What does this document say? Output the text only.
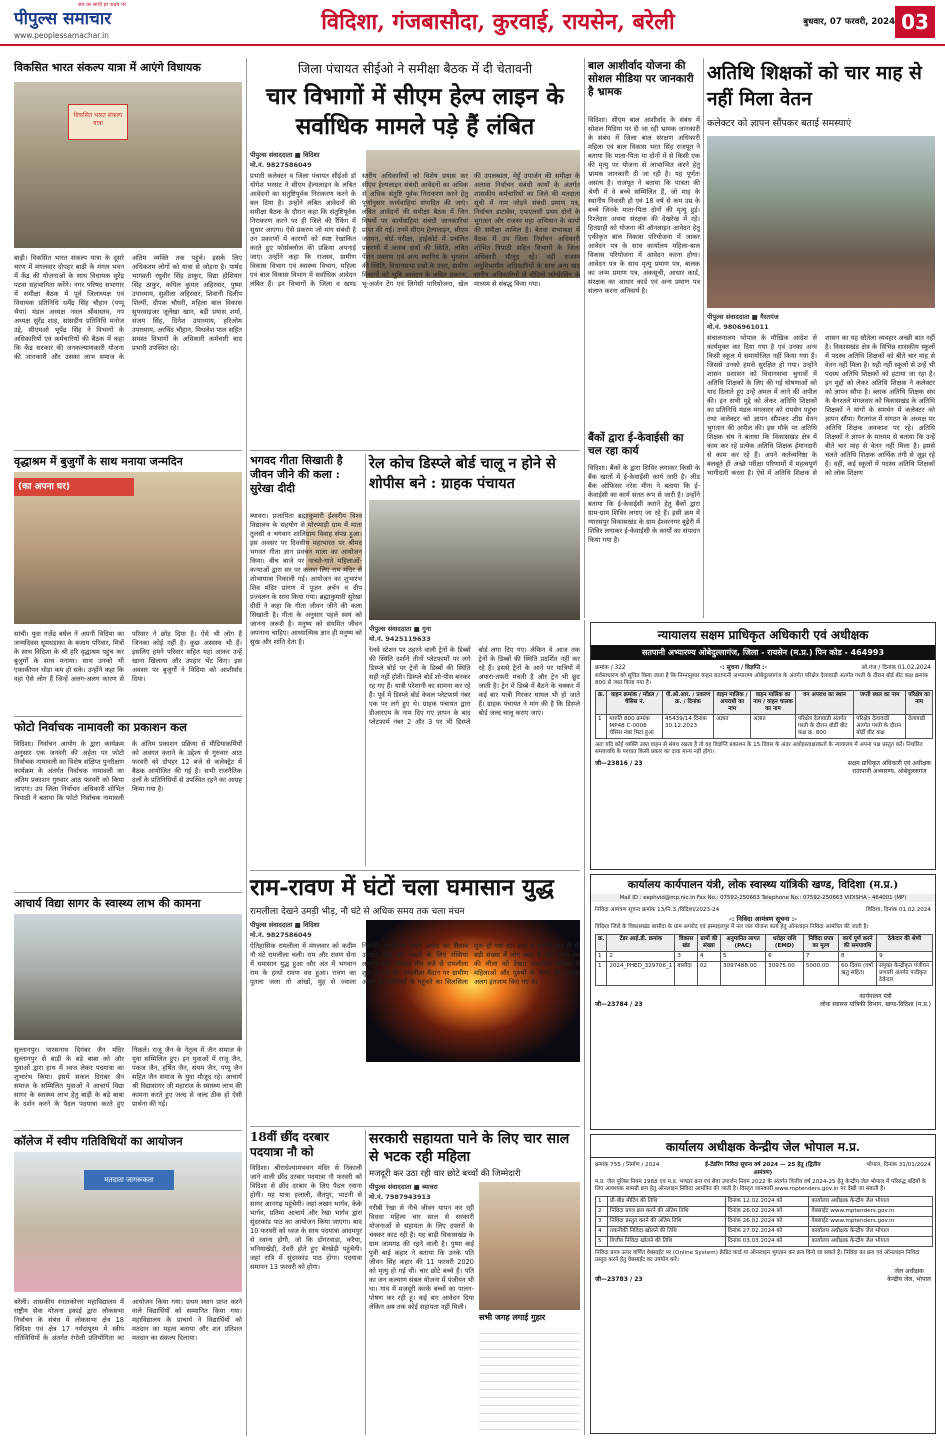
पीपुल्स समाचार
www.peoplessamachar.in
सच का साथी हर कदम पर
विदिशा, गंजबासौदा, कुरवाई, रायसेन, बरेली	बुधवार, 07 फरवरी, 2024 03
विकसित भारत संकल्प यात्रा में आएंगे विधायक
विकसित भारत संकल्प यात्रा
बाढ़ी। विकसित भारत संकल्प यात्रा के दूसरे चरण में मंगलवार दोपहर बाढ़ी के मंगल भवन में केंद्र की योजनाओं के साथ विधायक सुरेंद्र पटवा सहभागिता करेंगे। नगर परिषद सभागार में समीक्षा बैठक में पूर्व जिलाध्यक्ष एवं विधायक प्रतिनिधि धर्मेंद्र सिंह चौहान (पप्पू भैया) मंडल अध्यक्ष नवल श्रीवास्तव, नप अध्यक्ष सुरेंद्र शाह, सांसदीय प्रतिनिधि मनोज उद्दे, सीएमओ भूपेंद्र सिंह ने विभागों के अधिकारियों एवं कर्मचारियों की बैठक में कहा कि केंद्र सरकार की जनकल्याणकारी योजना की जानकारी और उसका लाभ समाज के अंतिम व्यक्ति तक पहुंचे। इसके लिए अधिकतम लोगों को यात्रा से जोड़ना है। पार्षद भागवती रघुवीर सिंह ठाकुर, विद्या होशियार सिंह ठाकुर, कपिल कुमार अहिरवार, पुष्पा उपाध्याय, सुशीला अहिरवार, शिवानी दिलीप शिल्पी, दीपक चौधरी, महिला बाल विकास सुपरवाइजर जूलेखा खान, बड़ी प्रयास शर्मा, संजय सिंह, दिनेश उपाध्याय, हरिओम उपाध्याय, अरविंद चौहान, मिथलेश पाल सहित समस्त विभागों के अधिकारी कर्मचारी बाद प्रभारी उपस्थित रहे।
वृद्धाश्रम में बुजुर्गों के साथ मनाया जन्मदिन
(का अपना घर)
सांची। युवा गजेंद्र बघेल ने अपनी विदिया का जन्मदिवस धूमधड़ाका के बजाय परिवार, मित्रों के साथ विदिशा के श्री हरि वृद्धाश्रम पहुंच कर बुजुर्गों के साथ मनाया। साथ उनको भी एकाकीपन थोड़ा कम हो सके। उन्होंने कहा कि वहां ऐसे लोग हैं जिन्हें अलग-अलग कारण से परिवार ने छोड़ दिया है। ऐसे भी लोग हैं जिनका कोई नहीं है। कुछ अस्वस्थ भी हैं। इसलिए हमने परिवार सहित यहां आकर उन्हें खाना खिलाया और उपहार भेंट किए। इस अवसर पर बुजुर्गों ने विदिया को आशीर्वाद दिया।
फोटो निर्वाचक नामावली का प्रकाशन कल
विदिशा। निर्वाचन आयोग के द्वारा कार्यक्रम अनुसार एक जनवरी की अर्हता पर फोटो निर्वाचक नामावली का विशेष संक्षिप्त पुनरीक्षण कार्यक्रम के अंतर्गत निर्वाचक नामावली का अंतिम प्रकाशन गुरुवार आठ फरवरी को किया जाएगा। उप जिला निर्वाचन अधिकारी शोभित त्रिपाठी ने बताया कि फोटो निर्वाचक नामावली के अंतिम प्रकाशन प्रक्रिया से मीडियाकर्मियों को अवगत कराने के उद्देश्य से गुरुवार आठ फरवरी को दोपहर 12 बजे से कलेक्ट्रेट में बैठक आयोजित की गई है। सभी राजनैतिक दलों के प्रतिनिधियों से उपस्थित रहने का आग्रह किया गया है।
आचार्य विद्या सागर के स्वास्थ्य लाभ की कामना
सुल्तानपुर। पारसनाथ दिगंबर जैन मंदिर सुल्तानपुर से बाड़ी के बड़े बाबा को और युवाओं द्वारा हाथ में ध्वज लेकर पदयात्रा का शुभारंभ किया। इसमें सकल दिगंबर जैन समाज के सम्मिलित युवाओं ने आचार्य विद्या सागर के स्वास्थ्य लाभ हेतु बाड़ी के बड़े बाबा के दर्शन करने के पैदल पदयात्रा करते हुए निकले। राजू जैन के नेतृत्व में जैन समाज के युवा सम्मिलित हुए। इन युवाओं में राजू जैन, पंकज जैन, हर्षित जैन, संयम जैन, पप्पू जैन सहित जैन समाज के युवा मौजूद रहे। आचार्य श्री विद्यासागर जी महाराज के स्वास्थ्य लाभ की कामना करते हुए जल्द से जल्द ठीक हो ऐसी प्रार्थना की गई।
कॉलेज में स्वीप गतिविधियों का आयोजन
मतदाता जागरूकता
बरेली। शासकीय स्नातकोत्तर महाविद्यालय में राष्ट्रीय सेवा योजना इकाई द्वारा लोकसभा निर्वाचन के संबंध में लोकसभा क्षेत्र 18 विदिशा एवं क्षेत्र 17 नर्मदापुरम में स्वीप गतिविधियों के अंतर्गत रंगोली प्रतियोगिता का आयोजन किया गया। प्रथम स्थान प्राप्त करने वाले विद्यार्थियों को सम्मानित किया गया। महाविद्यालय के प्राचार्य ने विद्यार्थियों को मतदान का महत्व बताया और शत प्रतिशत मतदान का संकल्प दिलाया।
जिला पंचायत सीईओ ने समीक्षा बैठक में दी चेतावनी
चार विभागों में सीएम हेल्प लाइन के सर्वाधिक मामले पड़े हैं लंबित
पीपुल्स संवाददाता ■ विदिशा
मो.नं. 9827586049
प्रभारी कलेक्टर व जिला पंचायत सीईओ डॉ योगेश भरसट ने सीएम हेल्पलाइन के लंबित आवेदनों का संतुष्टिपूर्वक निराकरण करने के बल दिया है। उन्होंने लंबित आवेदनों की समीक्षा बैठक के दौरान कहा कि संतुष्टिपूर्वक निराकरण करने पर ही जिले की रैंकिंग में सुधार आएगा। ऐसे प्रकरण जो मांग संबंधी है उन प्रकरणों में कारणों को स्पष्ट रेखांकित करते हुए फोर्सक्लोज की प्रक्रिया अपनाई जाए। उन्होंने कहा कि राजस्व, ग्रामीण विकास विभाग एवं स्वास्थ्य विभाग, महिला एवं बाल विकास विभाग में सर्वाधिक आवेदन लंबित हैं। इन विभागों के जिला व खण्ड स्तरीय अधिकारियों को विशेष प्रयास कर सीएम हेल्पलाइन संबंधी आवेदनों का अधिक से अधिक संतुष्टि पूर्वक निराकरण करने हेतु पूर्णानुसार कार्यवाहियां संपादित की जाएं। लंबित आवेदनों की समीक्षा बैठक में जिन विषयों पर कार्यवाहियां संबंधी जानकारियां प्राप्त की गईं। उनमें सीएम हेल्पलाइन, सीएम जनमन, बोर्ड परीक्षा, हाईकोर्ट में प्रचलित प्रकरणों में जवाब दावों की स्थिति, लंबित पेंशन प्रकरण एवं अन्य स्थानिय के भुगतान की स्थिति, विधानसभा प्रश्नों के उत्तर, ग्रामीण विभागों को भूमि आवंटन के लंबित प्रकरण, भू-अर्जन टेंग एवं लिगेसी पारियोजना, खेल की उपलब्धता, मेहूँ उपार्जन की समीक्षा के अलावा निर्वाचन संबंधी कार्यों के अंतर्गत शासकीय कर्मचारियों का जिले की मतदाता सूची में नाम जोड़ने संबंधी प्रमाण पत्र, निर्वाचन डाटाबेस, एफएलसी प्रथम दोनों के भुगतान और राजस्व महा अभियान के कार्यों की समीक्षा शामिल है। बेतवा सभाकक्ष में बैठक में उप जिला निर्वाचन अधिकारी शोभित त्रिपाठी सहित विभागों के जिला अधिकारी मौजूद रहे। वहीं राजस्व अनुविभागीय अधिकारियों के साथ अन्य खंड स्तरीय अधिकारियों से वीडियो कॉन्फ्रेंसिंग के माध्यम से संबद्ध किया गया।
बाल आशीर्वाद योजना की सोशल मीडिया पर जानकारी है भ्रामक
विदिशा। सीएम बाल आशीर्वाद के संबंध में सोशल मिडिया पर दी जा रही भ्रामक जानकारी के संबंध में जिला बाल संरक्षण अधिकारी महिला एवं बाल विकास भरत सिंह राजपूत ने बताया कि माता-पिता या दोनों में से किसी एक की मृत्यु पर योजना से लाभान्वित करने हेतु भ्रामक जानकारी दी जा रही है। यह पूर्णतः असत्य है। राजपूत ने बताया कि पात्रता की श्रेणी में वे बच्चे सम्मिलित हैं, जो माह के स्थानीय निवासी हो एवं 18 वर्ष से कम उम्र के बच्चे जिनके माता-पिता दोनों की मृत्यु हुई। रिश्तेदार अथवा संरक्षक की देखरेख में रहे। हितग्राही को योजना की ऑनलाइन आवेदन हेतु एकीकृत बाल विकास परियोजना में जाकर आवेदन पत्र के साथ कार्यालय महिला-बाल विकास परियोजना में आवेदन करना होगा। आवेदन पत्र के साथ मृत्यु प्रमाण पत्र, बालक का जन्म प्रमाण पत्र, अंकसूची, आधार कार्ड, संरक्षक का आधार कार्ड एवं अन्य प्रमाण पत्र संलग्न करना अनिवार्य है।
बैंकों द्वारा ई-केवाईसी का चल रहा कार्य
विदिशा। बैंकों के द्वारा शिविर लगाकर किसी के बैंक खातों में ई-केवाईसी कार्य जारी है। लीड बैंक ऑफिसर नरेश मीना ने बताया कि ई-केवाईसी का कार्य सतत रूप से जारी है। उन्होंने बताया कि ई-केवाईसी कराने हेतु बैंकों द्वारा ग्राम-ग्राम शिविर लगाए जा रहे हैं। इसी क्रम में ग्यारसपुर विकासखंड के ग्राम ईश्वरनगर बुढ़ेरी में शिविर लगाकर ई-केवाईसी के कार्यों का संपादन किया गया है।
अतिथि शिक्षकों को चार माह से नहीं मिला वेतन
कलेक्टर को ज्ञापन सौंपकर बताई समस्याएं
पीपुल्स संवाददाता ■ गैरतगंज
मो.नं. 9806961011
संचालनालय भोपाल के मौखिक आदेश से कार्यमुक्त कर दिया गया है एवं उनका अन्य किसी स्कूल में समायोजित नहीं किया गया है। जिससे उनको हमसे सुरक्षित हो गया। उन्होंने शासन प्रशासन को विधानसभा चुनावों में अतिथि शिक्षकों के लिए की गई घोषणाओं को याद दिलाते हुए उन्हें अमल में लाने की अपील की। इन सभी मुद्दे को लेकर अतिथि शिक्षकों का प्रतिनिधि मंडल मंगलवार को रायसेन पहुंचा तथा कलेक्टर को ज्ञापन सौंपकर शीघ्र वेतन भुगतान की अपील की। इस मौके पर अतिथि शिक्षक संघ ने बताया कि विकासखंड क्षेत्र में काम कर रहे प्रत्येक अतिथि शिक्षक ईमानदारी से काम कर रहे हैं। अपने कर्तव्यनिष्ठा के बलबूते ही अच्छे परीक्षा परिणामों में महत्वपूर्ण भागीदारी करता है। ऐसे में अतिथि शिक्षक से शासन का यह सौतेला व्यवहार अच्छी बात नहीं है। विकासखंड क्षेत्र के विभिन्न शासकीय स्कूलों में पदस्थ अतिथि शिक्षकों को बीते चार माह से वेतन नहीं मिला है। यही नहीं स्कूलों से उन्हें भी पदस्थ अतिथि शिक्षकों को हटाया जा रहा है। इन मुद्दों को लेकर अतिथि शिक्षक ने कलेक्टर को ज्ञापन सौंपा है। ब्लाक अतिथि शिक्षक संघ के बैनरतले मंगलवार को विकासखंड के अतिथि शिक्षकों ने मांगों के समर्थन में कलेक्टर को ज्ञापन सौंपा। गैरतगंज में संगठन के अध्यक्ष पर अतिथि शिक्षक अवकाश पर रहे। अतिथि शिक्षकों ने ज्ञापन के माध्यम से बताया कि उन्हें बीते चार माह से वेतन नहीं मिला है। इससे चलते अतिथि शिक्षक आर्थिक तंगी से जूझ रहे हैं। वहीं, कई स्कूलों में पदस्थ अतिथि शिक्षकों को लोक शिक्षण
भगवद गीता सिखाती है जीवन जीने की कला : सुरेखा दीदी
ब्यावरा। प्रजापिता ब्रह्माकुमारी ईश्वरीय विश्व विद्यालय के सहयोग से मोरप्याड़ी ग्राम में माता तुलसी व भगवान शालिग्राम विवाह संपन्न हुआ। इस अवसर पर दिवसीय महाभारत पर श्रीमद भगवत गीता ज्ञान प्रवचन माला का आयोजन किया। बीच बाजे पर नाचते-गाते महिलाओं-कन्याओं द्वारा सर पर कलश लिए राम मंदिर से शोभायात्रा निकाली गई। आयोजन का शुभारंभ शिव मंदिर प्रांगण में पूजन अर्चन व दीप प्रज्वलन के साथ किया गया। ब्रह्माकुमारी सुरेखा दीदी ने कहा कि गीता जीवन जीने की कला सिखाती है। गीता के अनुसार पहले स्वयं को जानना जरूरी है। मनुष्य को संयमित जीवन अपनाना चाहिए। आध्यात्मिक ज्ञान ही मनुष्य को सुख और शांति देता है।
रेल कोच डिस्प्ले बोर्ड चालू न होने से शोपीस बने : ग्राहक पंचायत
पीपुल्स संवाददाता ■ गुना
मो.नं. 9425119633
रेलवे स्टेशन पर ठहरने वाली ट्रेनों के डिब्बों की स्थिति दर्शाने तीनों प्लेटफार्मों पर लगे डिस्प्ले बोर्ड पर ट्रेनों के डिब्बों की स्थिति सही नहीं होती। डिस्प्ले बोर्ड शो-पीस बनकर रह गए हैं। यात्री परेशानी का सामना कर रहे हैं। पूर्व में डिस्प्ले बोर्ड केवल प्लेटफार्म नंबर एक पर लगे हुए थे। ग्राहक पंचायत द्वारा डीआरएम के नाम दिए गए ज्ञापन के बाद प्लेटफार्म नंबर 2 और 3 पर भी डिस्प्ले बोर्ड लगा दिए गए। लेकिन वे आज तक ट्रेनों के डिब्बों की स्थिति प्रदर्शित नहीं कर रहे हैं। इससे ट्रेनों के आने पर यात्रियों में अफरा-तफरी मचती है और ट्रेन भी छूट जाती है। ट्रेन में डिब्बे में बैठने के चक्कर में कई बार यात्री गिरकर घायल भी हो जाते हैं। ग्राहक पंचायत ने मांग की है कि डिस्प्ले बोर्ड जल्द चालू कराए जाएं।
राम-रावण में घंटों चला घमासान युद्ध
रामलीला देखने उमड़ी भीड़, नौ घंटे से अधिक समय तक चला मंचन
पीपुल्स संवाददाता ■ विदिशा
मो.नं. 9827586049
ऐतिहासिक रामलीला में मंगलवार को कदीम नौ घंटे रामलीला चली। राम और रावण सेना में घमासान युद्ध हुआ और अंत में भगवान राम के हाथों रावण वध हुआ। रावण का पुतला जला तो आंखों, मुंह से ज्वाला निकली। रामलीला देखने अंचल का सैलाब उमड़ा। भीड़ को रोकने के लिए रस्सियां लगानी पड़ीं। दोपहर तीन बजे से रामलीला शुरू हो गई थी। रामलीला मैदान पर ग्रामीण अंचल के नागरिकों के पहुंचने का सिलसिला शुरू हो गया था। शहर व ग्रामीण क्षेत्र से भी बड़ी संख्या में लोग आए थे और रावण वध की लीला को देखा। रामलीला परिसर में महिलाओं और पुरुषों के बैठने की अलग-अलग इंतजाम किए गए थे।
18वीं छींद दरबार पदयात्रा नौ को
विदिशा। श्रीराधेश्यामभवन मंदिर से निकाली जाने वाली छींद दरबार पदयात्रा नौ फरवरी को विदिशा से छींद दरबार के लिए पैदल रवाना होगी। यह यात्रा हलाली, जैतपुर, भाटनी से सागर आनगढ़ पहुंचेगी। जहां लखन भार्गव, केके भार्गव, प्रतिमा आचार्य और रेखा भार्गव द्वारा सुंदरकांड पाठ का आयोजन किया जाएगा। बाद 10 फरवरी को ध्वज के साथ पदयात्रा आदमपुर से रवाना होगी, जो कि डोंगरवाड़ा, करैया, भनियाखेड़ी, देवरी होते हुए बेरखेड़ी पहुंचेगी। जहां रात्रि में सुंदरकांड पाठ होगा। पदयात्रा समापन 13 फरवरी को होगा।
सरकारी सहायता पाने के लिए चार साल से भटक रही महिला
मजदूरी कर उठा रही चार छोटे बच्चों की जिम्मेदारी
पीपुल्स संवाददाता ■ ब्यावरा
मो.नं. 7987943913
गरीबी रेखा से नीचे जीवन यापन कर रही विधवा महिला चार साल से सरकारी योजनाओं से सहायता के लिए दफ्तरों के चक्कर काट रही है। यह बाड़ी विकासखंड के ग्राम जामगढ़ की रहने वाली है। पुष्पा बाई पुत्री बाई कहार ने बताया कि उनके पति जीवन सिंह कहार की 11 फरवरी 2020 को मृत्यु हो गई थी। चार छोटे बच्चे हैं। पति का जन कल्याण संबल योजना में पंजीयन भी था। गांव में मजदूरी करके बच्चों का पालन-पोषण कर रही हूं। कई बार आवेदन दिया लेकिन अब तक कोई सहायता नहीं मिली।
सभी जगह लगाई गुहार
न्यायालय सक्षम प्राधिकृत अधिकारी एवं अधीक्षक
सतपानी अभ्यारण्य ओबेदुल्लागंज, जिला - रायसेन (म.प्र.) पिन कोड - 464993
क्रमांक / 322	-: सूचना / विज्ञप्ति :-	ओ.गंज / दिनांक 01.02.2024
सर्वसाधारण को सूचित किया जाता है कि निम्नानुसार वाहन रातापानी अभ्यारण्य ओबेदुल्लागंज के अंतर्गत परिक्षेत्र देलावाडी अंतर्गत गश्ती के दौरान बोर्ड बीट कक्ष क्रमांक 800 से जब्त किया गया है।
क्र.	वाहन क्रमांक / मॉडल / चेसिस नं.	पी.ओ.आर. / प्रकरण क्र. / दिनांक	वाहन मालिक / अपराधी का नाम	वाहन मालिक का नाम / वाहन चालक का नाम	वन अपराध का स्थान	जप्ती स्थल का नाम	परिक्षेत्र का नाम
1	मारुति 800 क्रमांक MP48 C-0008 चेसिस नंबर मिटा हुआ	45439/14 दिनांक 30.12.2023	अज्ञात	अज्ञात	परिक्षेत्र देलावाडी अंतर्गत गश्ती के दौरान बोर्डी बीट कक्ष क्र. 800	परिक्षेत्र देलावाडी अंतर्गत गश्ती के दौरान बोर्डी बीट कक्ष	देलावाडी
अतः यदि कोई व्यक्ति उक्त वाहन से संबंध रखता है तो वह विज्ञप्ति प्रकाशन के 15 दिवस के अंदर अधोहस्ताक्षरकर्ता के न्यायालय में अपना पक्ष प्रस्तुत करें। निर्धारित समयावधि के पश्चात किसी प्रकार का दावा मान्य नहीं होगा।
जी—23816 / 23	सक्षम प्राधिकृत अधिकारी एवं अधीक्षक
रातापानी अभ्यारण्य, ओबेदुल्लागंज
कार्यालय कार्यपालन यंत्री, लोक स्वास्थ्य यांत्रिकी खण्ड, विदिशा (म.प्र.)
Mail ID : eephvid@mp.nic.in Fax No.: 07592-250663 Telephone No.: 07592-250663 VIDISHA - 464001 (MP)
निविदा आमंत्रण सूचना क्रमांक 13/नि.3./विदिशा/2023-24	विदिशा, दिनांक 01.02.2024
-: निविदा आमंत्रण सूचना :-
विदिशा जिले के विकासखंड बासौदा के ग्राम अगरोद एवं इस्माइलपुर में नल जल योजना कार्य हेतु ऑनलाइन निविदा आमंत्रित की जाती है।
क्र.	टेंडर आई.डी. क्रमांक	विकास खंड	ग्रामों की संख्या	अनुमानित लागत (PAC)	धरोहर राशि (EMD)	निविदा प्रपत्र का मूल्य	कार्य पूर्ण करने की समयावधि	ठेकेदार की श्रेणी
1	2	3	4	5	6	7	8	9
1	2024_PHED_329706_1	बासौदा	02	3097488.00	30975.00	5000.00	60 दिवस (वर्षा ऋतु सहित)	संयुक्त केन्द्रीकृत पंजीयन प्रणाली अंतर्गत पंजीकृत ठेकेदार
जी—23784 / 23
कार्यपालन यंत्री
लोक स्वास्थ्य यांत्रिकी विभाग, खण्ड-विदिशा (म.प्र.)
कार्यालय अधीक्षक केन्द्रीय जेल भोपाल म.प्र.
क्रमांक 755 / निर्माण / 2024	ई-टेंडरिंग निविदा सूचना वर्ष 2024 — 25 हेतु (द्वितीय आमंत्रण)
भोपाल, दिनांक 31/01/2024
म.प्र. जेल पुलिस नियम 1968 एवं म.प्र. भण्डार क्रय एवं सेवा उपार्जन नियम 2022 के अंतर्गत वित्तीय वर्ष 2024-25 हेतु केन्द्रीय जेल भोपाल में परिरुद्ध बंदियों के लिए आवश्यक सामग्री क्रय हेतु ऑनलाइन निविदा आमंत्रित की जाती है। विस्तृत जानकारी www.mptenders.gov.in पर देखी जा सकती है।
1	प्री-बीड मीटिंग की तिथि	दिनांक 12.02.2024 को	कार्यालय अधीक्षक केन्द्रीय जेल भोपाल
2	निविदा प्रपत्र क्रय करने की अंतिम तिथि	दिनांक 26.02.2024 को	वेबसाईट www.mptenders.gov.in
3	निविदा प्रस्तुत करने की अंतिम तिथि	दिनांक 26.02.2024 को	वेबसाईट www.mptenders.gov.in
4	तकनीकी निविदा खोलने की तिथि	दिनांक 27.02.2024 को	कार्यालय अधीक्षक केन्द्रीय जेल भोपाल
5	वित्तीय निविदा खोलने की तिथि	दिनांक 03.03.2024 को	कार्यालय अधीक्षक केन्द्रीय जेल भोपाल
निविदा प्रपत्र ऊपर वर्णित वेबसाईट पर (Online System) क्रेडिट कार्ड या ऑनलाइन भुगतान कर क्रय किये जा सकते है। निविदा का क्रय एवं ऑनलाइन निविदा प्रस्तुत करने हेतु वेबसाईट का उपयोग करें।
जी—23783 / 23
जेल अधीक्षक
केन्द्रीय जेल, भोपाल
